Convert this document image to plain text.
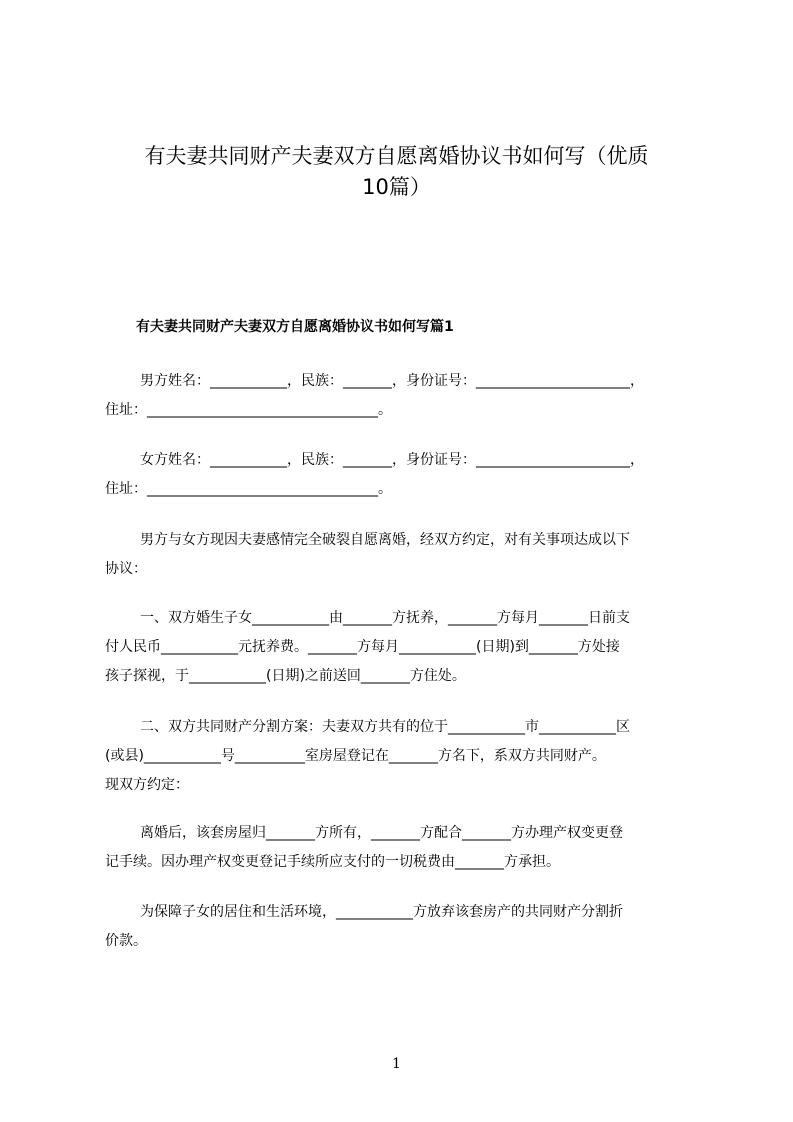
有夫妻共同财产夫妻双方自愿离婚协议书如何写（优质
10篇）
有夫妻共同财产夫妻双方自愿离婚协议书如何写篇1
男方姓名：___________，民族：_______，身份证号：______________________，
住址：_________________________________。
女方姓名：___________，民族：_______，身份证号：______________________，
住址：_________________________________。
男方与女方现因夫妻感情完全破裂自愿离婚，经双方约定，对有关事项达成以下
协议：
一、双方婚生子女___________由_______方抚养，_______方每月_______日前支
付人民币___________元抚养费。_______方每月___________(日期)到_______方处接
孩子探视，于___________(日期)之前送回_______方住处。
二、双方共同财产分割方案：夫妻双方共有的位于___________市___________区
(或县)___________号__________室房屋登记在_______方名下，系双方共同财产。
现双方约定：
离婚后，该套房屋归_______方所有，_______方配合_______方办理产权变更登
记手续。因办理产权变更登记手续所应支付的一切税费由_______方承担。
为保障子女的居住和生活环境，___________方放弃该套房产的共同财产分割折
价款。
1
